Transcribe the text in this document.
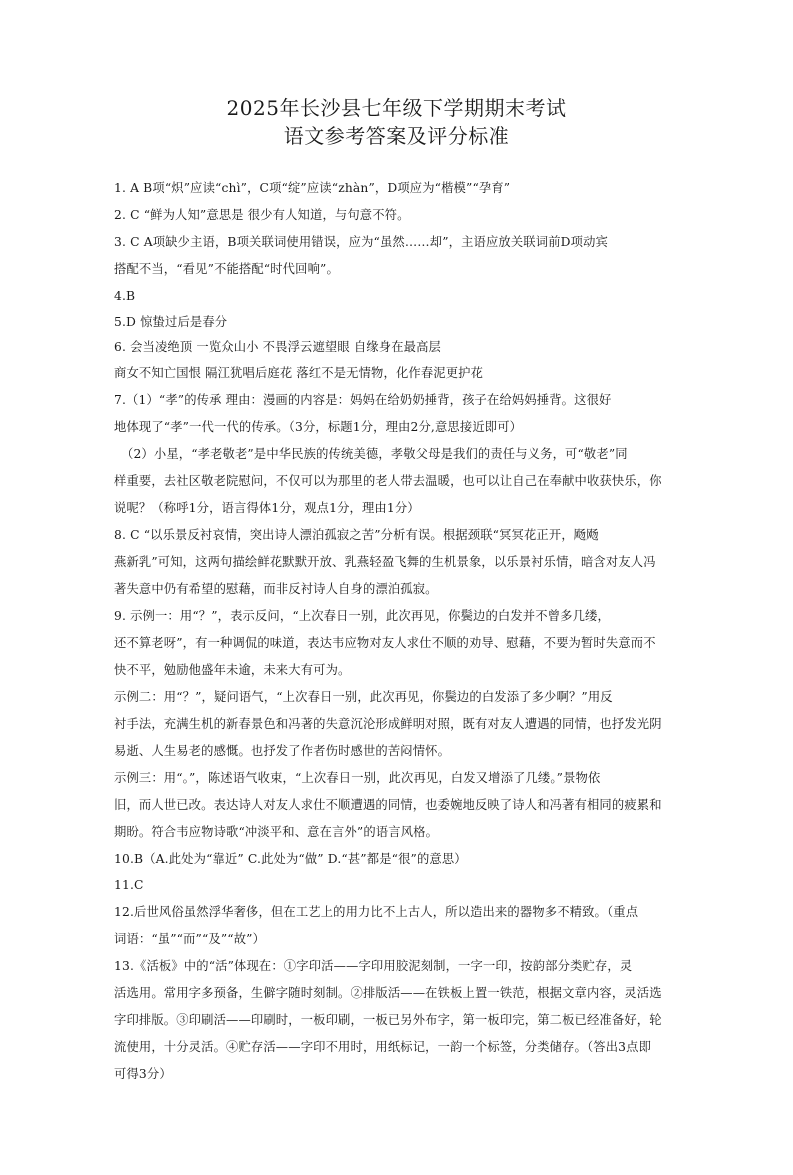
2025年长沙县七年级下学期期末考试
语文参考答案及评分标准
1. A B项“炽”应读“chì”，C项“绽”应读“zhàn”，D项应为“楷模”“孕育”
2. C “鲜为人知”意思是 很少有人知道，与句意不符。
3. C A项缺少主语，B项关联词使用错误，应为“虽然……却”，主语应放关联词前D项动宾
搭配不当，“看见”不能搭配“时代回响”。
4.B
5.D 惊蛰过后是春分
6. 会当凌绝顶 一览众山小 不畏浮云遮望眼 自缘身在最高层
商女不知亡国恨 隔江犹唱后庭花 落红不是无情物，化作春泥更护花
7.（1）“孝”的传承 理由：漫画的内容是：妈妈在给奶奶捶背，孩子在给妈妈捶背。这很好
地体现了“孝”一代一代的传承。（3分，标题1分，理由2分,意思接近即可）
（2）小星，“孝老敬老”是中华民族的传统美德，孝敬父母是我们的责任与义务，可“敬老”同
样重要，去社区敬老院慰问，不仅可以为那里的老人带去温暖，也可以让自己在奉献中收获快乐，你
说呢？（称呼1分，语言得体1分，观点1分，理由1分）
8. C “以乐景反衬哀情，突出诗人漂泊孤寂之苦”分析有误。根据颈联“冥冥花正开，飏飏
燕新乳”可知，这两句描绘鲜花默默开放、乳燕轻盈飞舞的生机景象，以乐景衬乐情，暗含对友人冯
著失意中仍有希望的慰藉，而非反衬诗人自身的漂泊孤寂。
9. 示例一：用“？”，表示反问，“上次春日一别，此次再见，你鬓边的白发并不曾多几缕，
还不算老呀”，有一种调侃的味道，表达韦应物对友人求仕不顺的劝导、慰藉，不要为暂时失意而不
快不平，勉励他盛年未逾，未来大有可为。
示例二：用“？”，疑问语气，“上次春日一别，此次再见，你鬓边的白发添了多少啊？”用反
衬手法，充满生机的新春景色和冯著的失意沉沦形成鲜明对照，既有对友人遭遇的同情，也抒发光阴
易逝、人生易老的感慨。也抒发了作者伤时感世的苦闷情怀。
示例三：用“。”，陈述语气收束，“上次春日一别，此次再见，白发又增添了几缕。”景物依
旧，而人世已改。表达诗人对友人求仕不顺遭遇的同情，也委婉地反映了诗人和冯著有相同的疲累和
期盼。符合韦应物诗歌“冲淡平和、意在言外”的语言风格。
10.B（A.此处为“靠近” C.此处为“做” D.“甚”都是“很”的意思）
11.C
12.后世风俗虽然浮华奢侈，但在工艺上的用力比不上古人，所以造出来的器物多不精致。（重点
词语：“虽”“而”“及”“故”）
13.《活板》中的“活”体现在：①字印活——字印用胶泥刻制，一字一印，按韵部分类贮存，灵
活选用。常用字多预备，生僻字随时刻制。②排版活——在铁板上置一铁范，根据文章内容，灵活选
字印排版。③印刷活——印刷时，一板印刷，一板已另外布字，第一板印完，第二板已经准备好，轮
流使用，十分灵活。④贮存活——字印不用时，用纸标记，一韵一个标签，分类储存。（答出3点即
可得3分）
